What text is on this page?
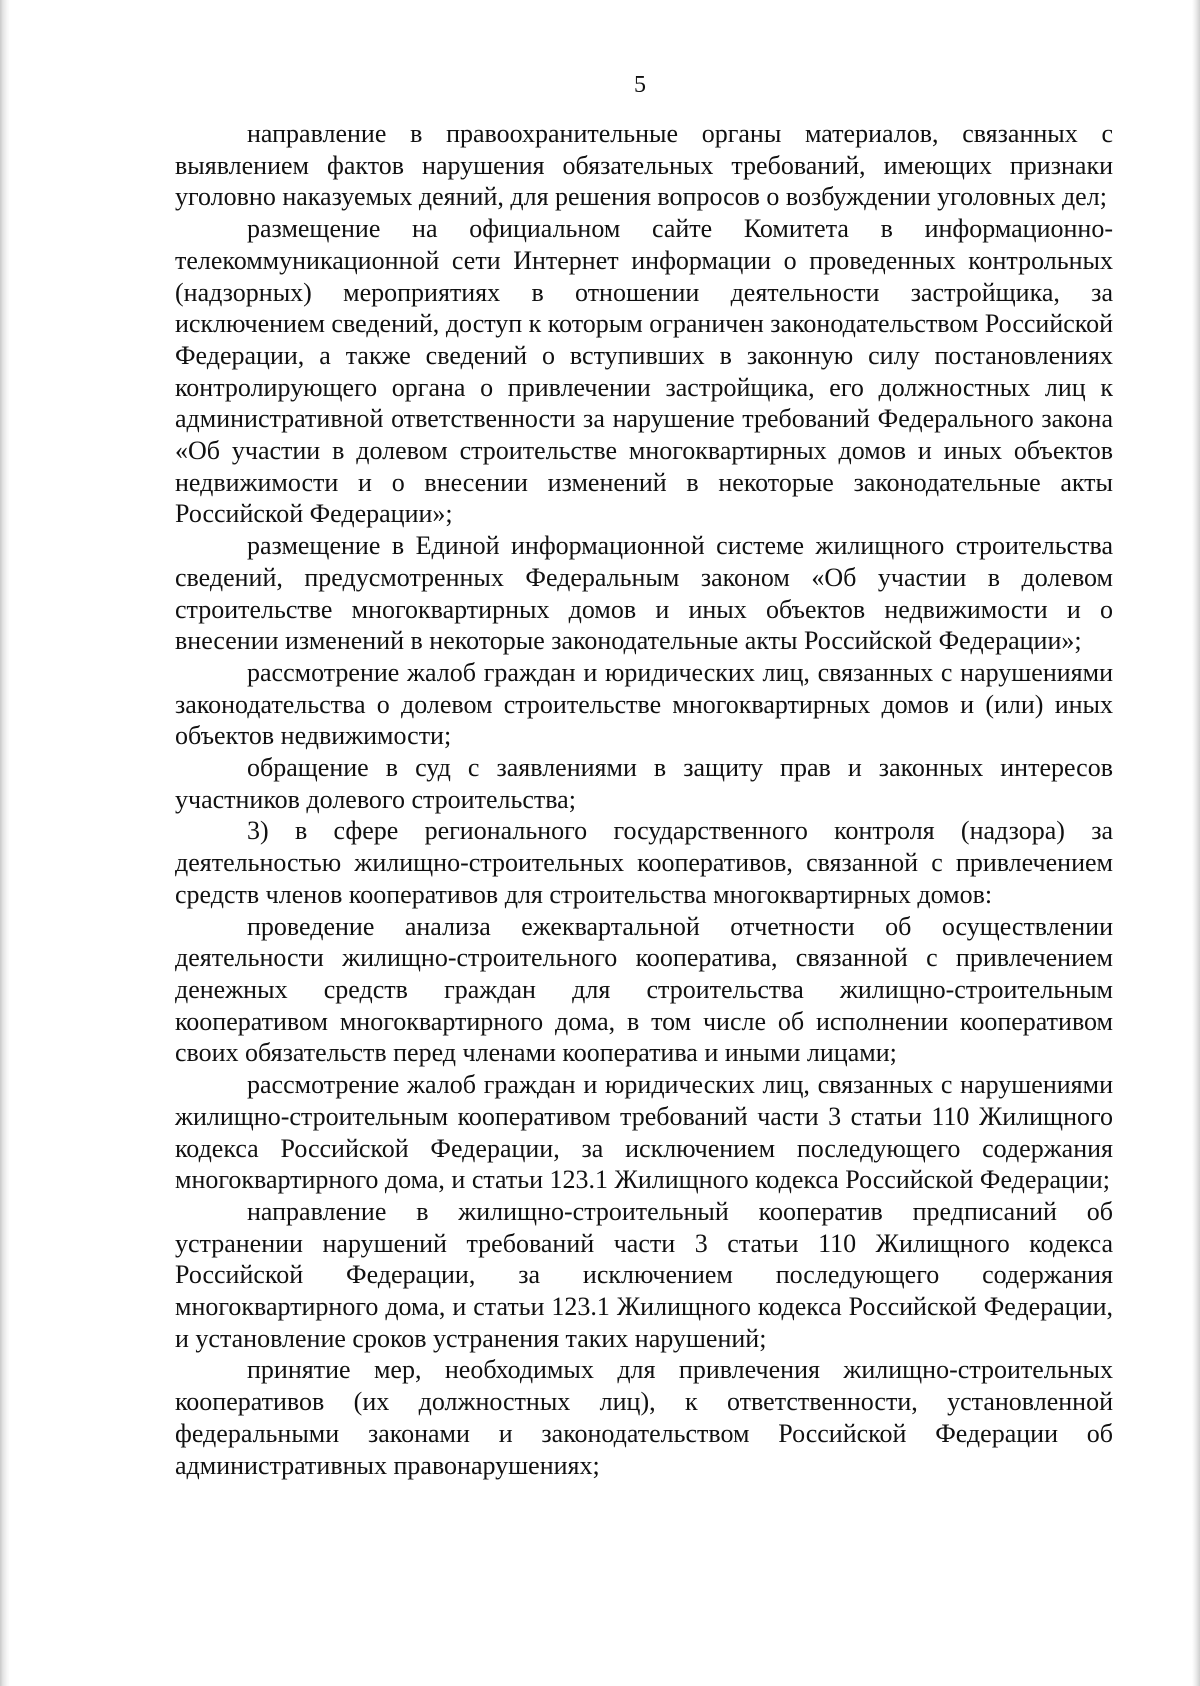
5

направление в правоохранительные органы материалов, связанных с выявлением фактов нарушения обязательных требований, имеющих признаки уголовно наказуемых деяний, для решения вопросов о возбуждении уголовных дел;

размещение на официальном сайте Комитета в информационно-телекоммуникационной сети Интернет информации о проведенных контрольных (надзорных) мероприятиях в отношении деятельности застройщика, за исключением сведений, доступ к которым ограничен законодательством Российской Федерации, а также сведений о вступивших в законную силу постановлениях контролирующего органа о привлечении застройщика, его должностных лиц к административной ответственности за нарушение требований Федерального закона «Об участии в долевом строительстве многоквартирных домов и иных объектов недвижимости и о внесении изменений в некоторые законодательные акты Российской Федерации»;

размещение в Единой информационной системе жилищного строительства сведений, предусмотренных Федеральным законом «Об участии в долевом строительстве многоквартирных домов и иных объектов недвижимости и о внесении изменений в некоторые законодательные акты Российской Федерации»;

рассмотрение жалоб граждан и юридических лиц, связанных с нарушениями законодательства о долевом строительстве многоквартирных домов и (или) иных объектов недвижимости;

обращение в суд с заявлениями в защиту прав и законных интересов участников долевого строительства;

3) в сфере регионального государственного контроля (надзора) за деятельностью жилищно-строительных кооперативов, связанной с привлечением средств членов кооперативов для строительства многоквартирных домов:

проведение анализа ежеквартальной отчетности об осуществлении деятельности жилищно-строительного кооператива, связанной с привлечением денежных средств граждан для строительства жилищно-строительным кооперативом многоквартирного дома, в том числе об исполнении кооперативом своих обязательств перед членами кооператива и иными лицами;

рассмотрение жалоб граждан и юридических лиц, связанных с нарушениями жилищно-строительным кооперативом требований части 3 статьи 110 Жилищного кодекса Российской Федерации, за исключением последующего содержания многоквартирного дома, и статьи 123.1 Жилищного кодекса Российской Федерации;

направление в жилищно-строительный кооператив предписаний об устранении нарушений требований части 3 статьи 110 Жилищного кодекса Российской Федерации, за исключением последующего содержания многоквартирного дома, и статьи 123.1 Жилищного кодекса Российской Федерации, и установление сроков устранения таких нарушений;

принятие мер, необходимых для привлечения жилищно-строительных кооперативов (их должностных лиц), к ответственности, установленной федеральными законами и законодательством Российской Федерации об административных правонарушениях;
